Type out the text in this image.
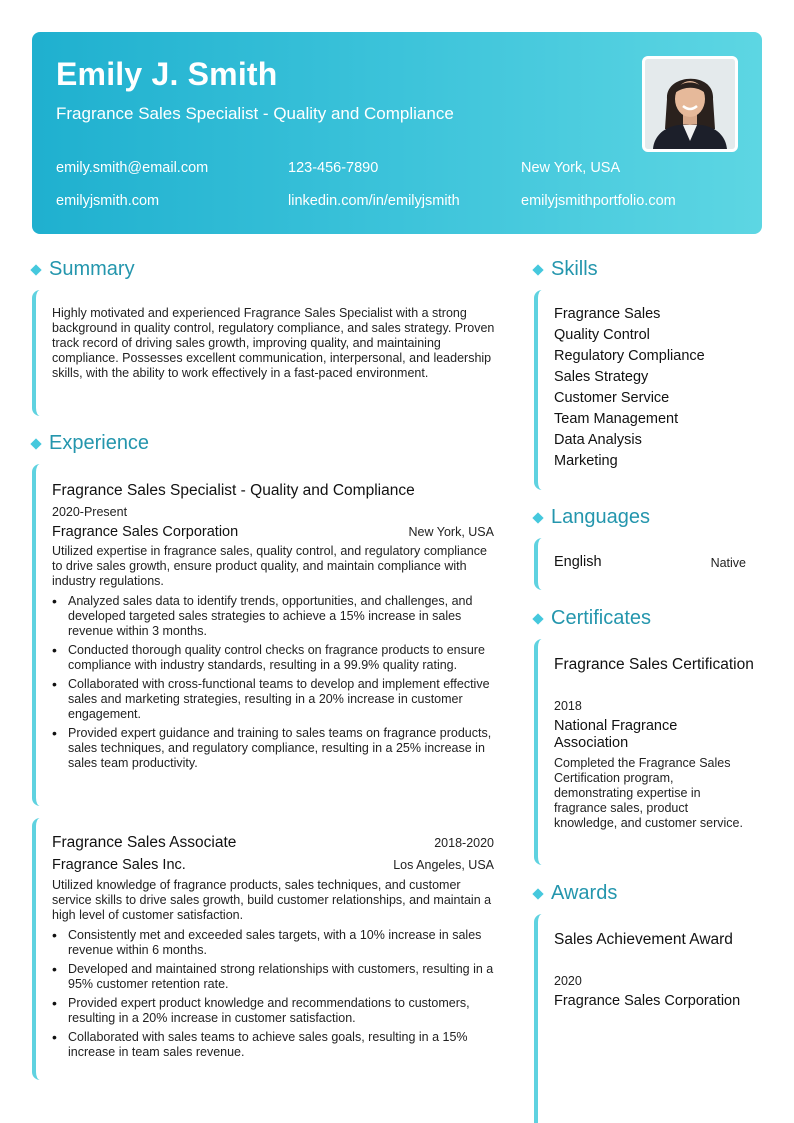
Emily J. Smith
Fragrance Sales Specialist - Quality and Compliance
emily.smith@email.com	123-456-7890	New York, USA
emilyjsmith.com	linkedin.com/in/emilyjsmith	emilyjsmithportfolio.com
Summary
Highly motivated and experienced Fragrance Sales Specialist with a strong background in quality control, regulatory compliance, and sales strategy. Proven track record of driving sales growth, improving quality, and maintaining compliance. Possesses excellent communication, interpersonal, and leadership skills, with the ability to work effectively in a fast-paced environment.
Experience
Fragrance Sales Specialist - Quality and Compliance
2020-Present
Fragrance Sales Corporation	New York, USA
Utilized expertise in fragrance sales, quality control, and regulatory compliance to drive sales growth, ensure product quality, and maintain compliance with industry regulations.
• Analyzed sales data to identify trends, opportunities, and challenges, and developed targeted sales strategies to achieve a 15% increase in sales revenue within 3 months.
• Conducted thorough quality control checks on fragrance products to ensure compliance with industry standards, resulting in a 99.9% quality rating.
• Collaborated with cross-functional teams to develop and implement effective sales and marketing strategies, resulting in a 20% increase in customer engagement.
• Provided expert guidance and training to sales teams on fragrance products, sales techniques, and regulatory compliance, resulting in a 25% increase in sales team productivity.
Fragrance Sales Associate	2018-2020
Fragrance Sales Inc.	Los Angeles, USA
Utilized knowledge of fragrance products, sales techniques, and customer service skills to drive sales growth, build customer relationships, and maintain a high level of customer satisfaction.
• Consistently met and exceeded sales targets, with a 10% increase in sales revenue within 6 months.
• Developed and maintained strong relationships with customers, resulting in a 95% customer retention rate.
• Provided expert product knowledge and recommendations to customers, resulting in a 20% increase in customer satisfaction.
• Collaborated with sales teams to achieve sales goals, resulting in a 15% increase in team sales revenue.
Skills
Fragrance Sales
Quality Control
Regulatory Compliance
Sales Strategy
Customer Service
Team Management
Data Analysis
Marketing
Languages
English	Native
Certificates
Fragrance Sales Certification
2018
National Fragrance Association
Completed the Fragrance Sales Certification program, demonstrating expertise in fragrance sales, product knowledge, and customer service.
Awards
Sales Achievement Award
2020
Fragrance Sales Corporation
